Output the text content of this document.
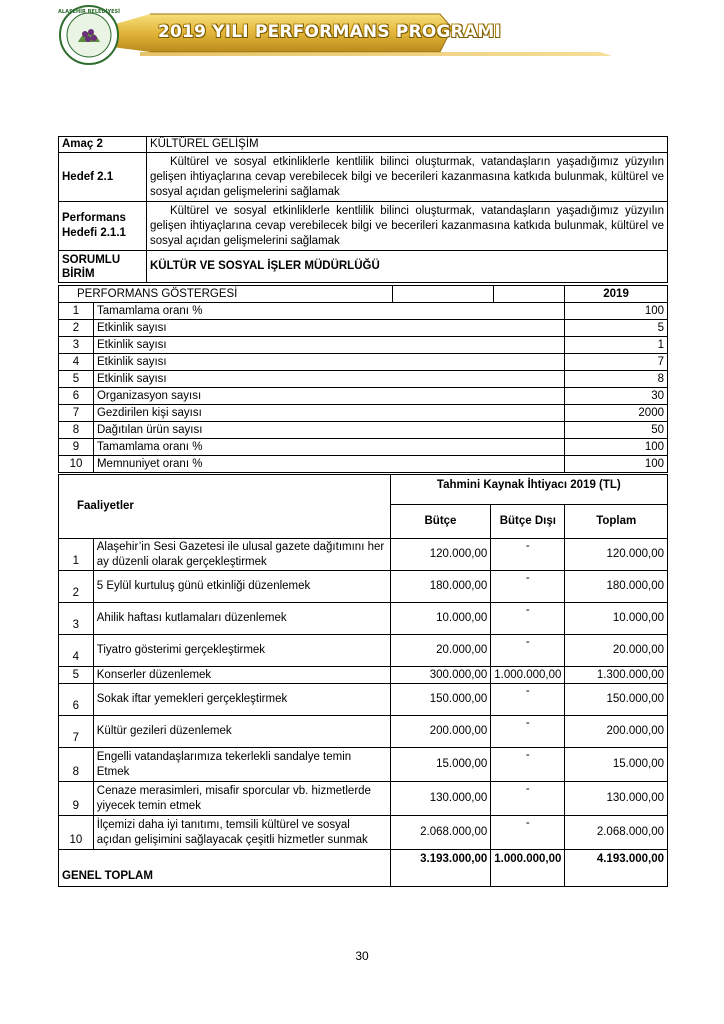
ALAŞEHİR BELEDİYESİ
2019 YILI PERFORMANS PROGRAMI
Amaç 2	KÜLTÜREL GELİŞİM
Hedef 2.1	Kültürel ve sosyal etkinliklerle kentlilik bilinci oluşturmak, vatandaşların yaşadığımız yüzyılın gelişen ihtiyaçlarına cevap verebilecek bilgi ve becerileri kazanmasına katkıda bulunmak, kültürel ve sosyal açıdan gelişmelerini sağlamak

Performans
Hedefi 2.1.1	Kültürel ve sosyal etkinliklerle kentlilik bilinci oluşturmak, vatandaşların yaşadığımız yüzyılın gelişen ihtiyaçlarına cevap verebilecek bilgi ve becerileri kazanmasına katkıda bulunmak, kültürel ve sosyal açıdan gelişmelerini sağlamak

SORUMLU
BİRİM	KÜLTÜR VE SOSYAL İŞLER MÜDÜRLÜĞÜ
PERFORMANS GÖSTERGESİ				2019
1	Tamamlama oranı %			100
2	Etkinlik sayısı			5
3	Etkinlik sayısı			1
4	Etkinlik sayısı			7
5	Etkinlik sayısı			8
6	Organizasyon sayısı			30
7	Gezdirilen kişi sayısı			2000
8	Dağıtılan ürün sayısı			50
9	Tamamlama oranı %			100
10	Memnuniyet oranı %			100
Faaliyetler		Tahmini Kaynak İhtiyacı 2019 (TL)		
		Bütçe	Bütçe Dışı	Toplam
1	Alaşehir’in Sesi Gazetesi ile ulusal gazete dağıtımını her ay düzenli olarak gerçekleştirmek	120.000,00	-	120.000,00
2	5 Eylül kurtuluş günü etkinliği düzenlemek	180.000,00	-	180.000,00
3	Ahilik haftası kutlamaları düzenlemek	10.000,00	-	10.000,00
4	Tiyatro gösterimi gerçekleştirmek	20.000,00	-	20.000,00
5	Konserler düzenlemek	300.000,00	1.000.000,00	1.300.000,00
6	Sokak iftar yemekleri gerçekleştirmek	150.000,00	-	150.000,00
7	Kültür gezileri düzenlemek	200.000,00	-	200.000,00
8	Engelli vatandaşlarımıza tekerlekli sandalye temin Etmek	15.000,00	-	15.000,00
9	Cenaze merasimleri, misafir sporcular vb. hizmetlerde yiyecek temin etmek	130.000,00	-	130.000,00
10	İlçemizi daha iyi tanıtımı, temsili kültürel ve sosyal açıdan gelişimini sağlayacak çeşitli hizmetler sunmak	2.068.000,00	-	2.068.000,00
GENEL TOPLAM		3.193.000,00	1.000.000,00	4.193.000,00
30
